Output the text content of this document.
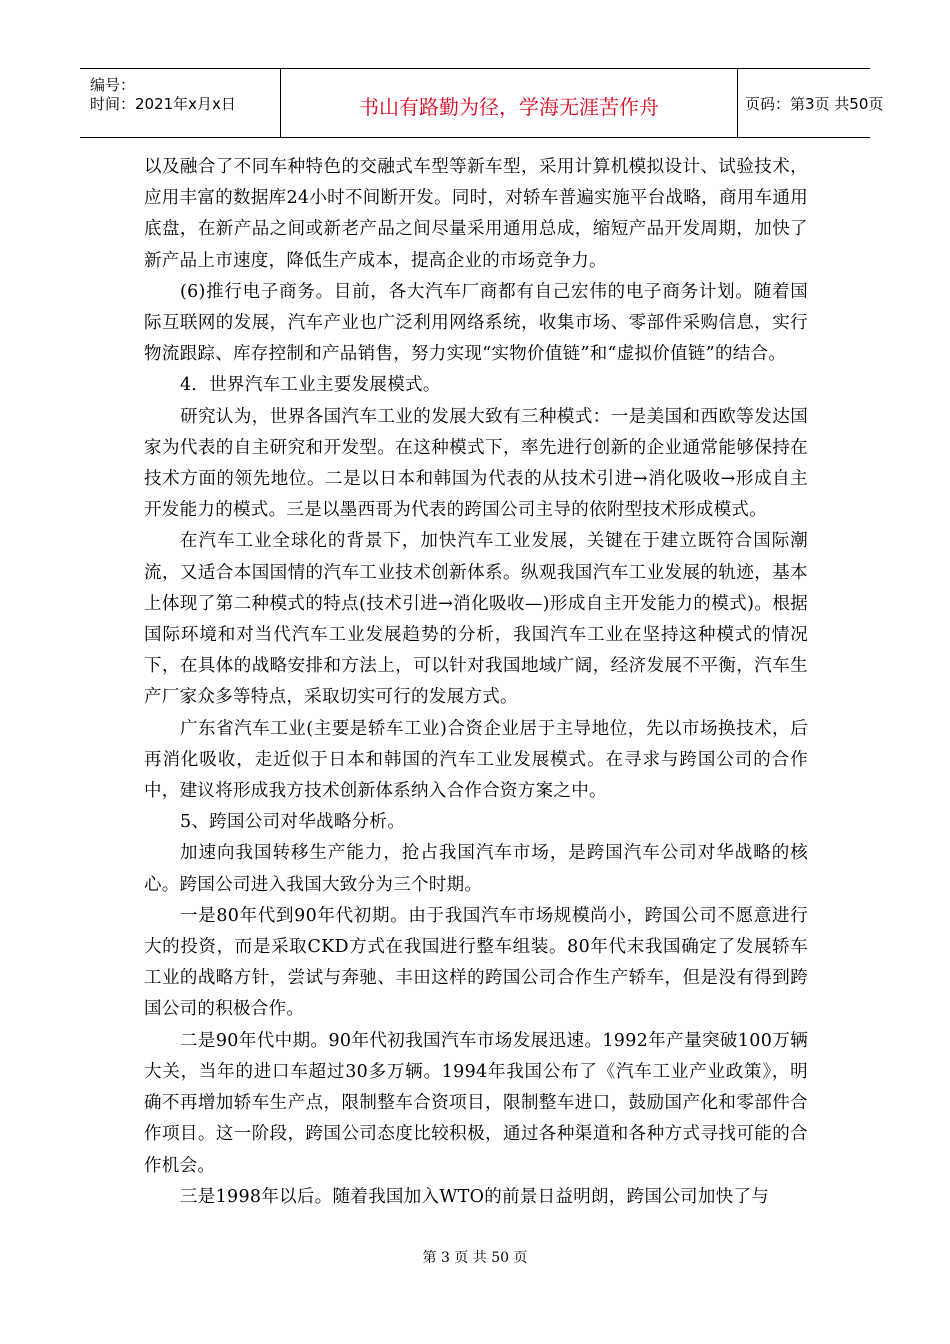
编号：
时间：2021年x月x日	书山有路勤为径，学海无涯苦作舟	页码：第3页 共50页

以及融合了不同车种特色的交融式车型等新车型，采用计算机模拟设计、试验技术，应用丰富的数据库24小时不间断开发。同时，对轿车普遍实施平台战略，商用车通用底盘，在新产品之间或新老产品之间尽量采用通用总成，缩短产品开发周期，加快了新产品上市速度，降低生产成本，提高企业的市场竞争力。

(6)推行电子商务。目前，各大汽车厂商都有自己宏伟的电子商务计划。随着国际互联网的发展，汽车产业也广泛利用网络系统，收集市场、零部件采购信息，实行物流跟踪、库存控制和产品销售，努力实现“实物价值链”和“虚拟价值链”的结合。

4．世界汽车工业主要发展模式。

研究认为，世界各国汽车工业的发展大致有三种模式：一是美国和西欧等发达国家为代表的自主研究和开发型。在这种模式下，率先进行创新的企业通常能够保持在技术方面的领先地位。二是以日本和韩国为代表的从技术引进→消化吸收→形成自主开发能力的模式。三是以墨西哥为代表的跨国公司主导的依附型技术形成模式。

在汽车工业全球化的背景下，加快汽车工业发展，关键在于建立既符合国际潮流，又适合本国国情的汽车工业技术创新体系。纵观我国汽车工业发展的轨迹，基本上体现了第二种模式的特点(技术引进→消化吸收—)形成自主开发能力的模式)。根据国际环境和对当代汽车工业发展趋势的分析，我国汽车工业在坚持这种模式的情况下，在具体的战略安排和方法上，可以针对我国地域广阔，经济发展不平衡，汽车生产厂家众多等特点，采取切实可行的发展方式。

广东省汽车工业(主要是轿车工业)合资企业居于主导地位，先以市场换技术，后再消化吸收，走近似于日本和韩国的汽车工业发展模式。在寻求与跨国公司的合作中，建议将形成我方技术创新体系纳入合作合资方案之中。

5、跨国公司对华战略分析。

加速向我国转移生产能力，抢占我国汽车市场，是跨国汽车公司对华战略的核心。跨国公司进入我国大致分为三个时期。

一是80年代到90年代初期。由于我国汽车市场规模尚小，跨国公司不愿意进行大的投资，而是采取CKD方式在我国进行整车组装。80年代末我国确定了发展轿车工业的战略方针，尝试与奔驰、丰田这样的跨国公司合作生产轿车，但是没有得到跨国公司的积极合作。

二是90年代中期。90年代初我国汽车市场发展迅速。1992年产量突破100万辆大关，当年的进口车超过30多万辆。1994年我国公布了《汽车工业产业政策》，明确不再增加轿车生产点，限制整车合资项目，限制整车进口，鼓励国产化和零部件合作项目。这一阶段，跨国公司态度比较积极，通过各种渠道和各种方式寻找可能的合作机会。

三是1998年以后。随着我国加入WTO的前景日益明朗，跨国公司加快了与

第 3 页 共 50 页
